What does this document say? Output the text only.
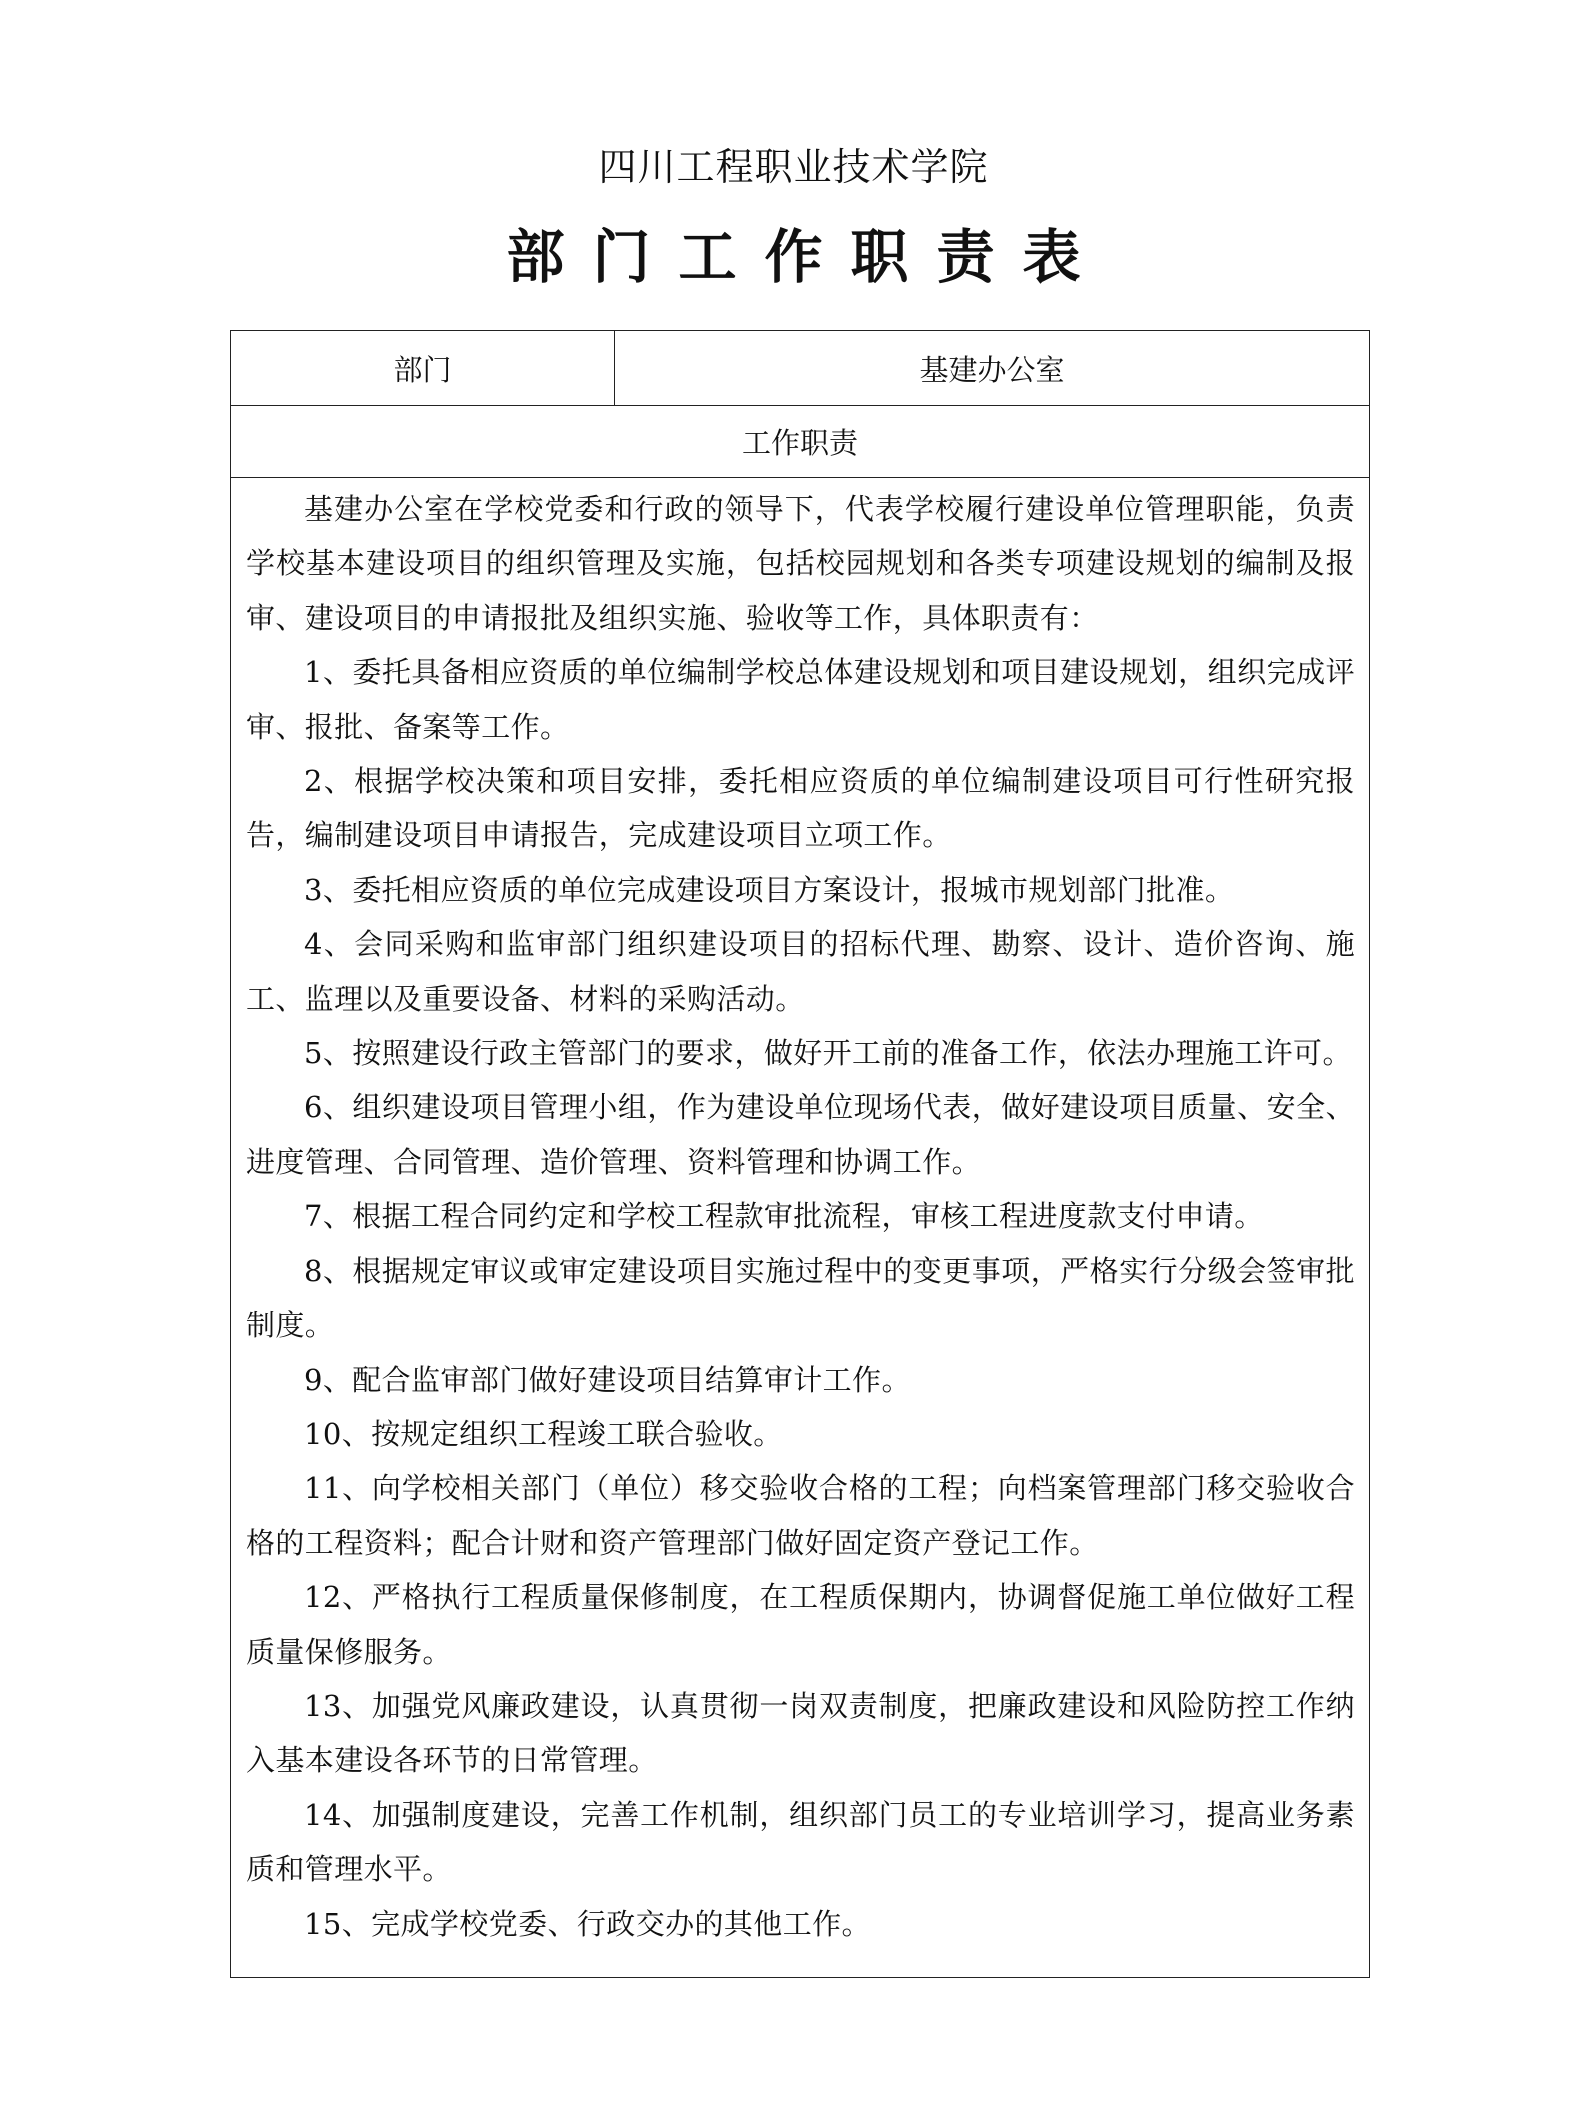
四川工程职业技术学院
部门工作职责表
部门	基建办公室
工作职责

基建办公室在学校党委和行政的领导下，代表学校履行建设单位管理职能，负责学校基本建设项目的组织管理及实施，包括校园规划和各类专项建设规划的编制及报审、建设项目的申请报批及组织实施、验收等工作，具体职责有：

1、委托具备相应资质的单位编制学校总体建设规划和项目建设规划，组织完成评审、报批、备案等工作。

2、根据学校决策和项目安排，委托相应资质的单位编制建设项目可行性研究报告，编制建设项目申请报告，完成建设项目立项工作。

3、委托相应资质的单位完成建设项目方案设计，报城市规划部门批准。

4、会同采购和监审部门组织建设项目的招标代理、勘察、设计、造价咨询、施工、监理以及重要设备、材料的采购活动。

5、按照建设行政主管部门的要求，做好开工前的准备工作，依法办理施工许可。

6、组织建设项目管理小组，作为建设单位现场代表，做好建设项目质量、安全、进度管理、合同管理、造价管理、资料管理和协调工作。

7、根据工程合同约定和学校工程款审批流程，审核工程进度款支付申请。

8、根据规定审议或审定建设项目实施过程中的变更事项，严格实行分级会签审批制度。

9、配合监审部门做好建设项目结算审计工作。

10、按规定组织工程竣工联合验收。

11、向学校相关部门（单位）移交验收合格的工程；向档案管理部门移交验收合格的工程资料；配合计财和资产管理部门做好固定资产登记工作。

12、严格执行工程质量保修制度，在工程质保期内，协调督促施工单位做好工程质量保修服务。

13、加强党风廉政建设，认真贯彻一岗双责制度，把廉政建设和风险防控工作纳入基本建设各环节的日常管理。

14、加强制度建设，完善工作机制，组织部门员工的专业培训学习，提高业务素质和管理水平。

15、完成学校党委、行政交办的其他工作。
